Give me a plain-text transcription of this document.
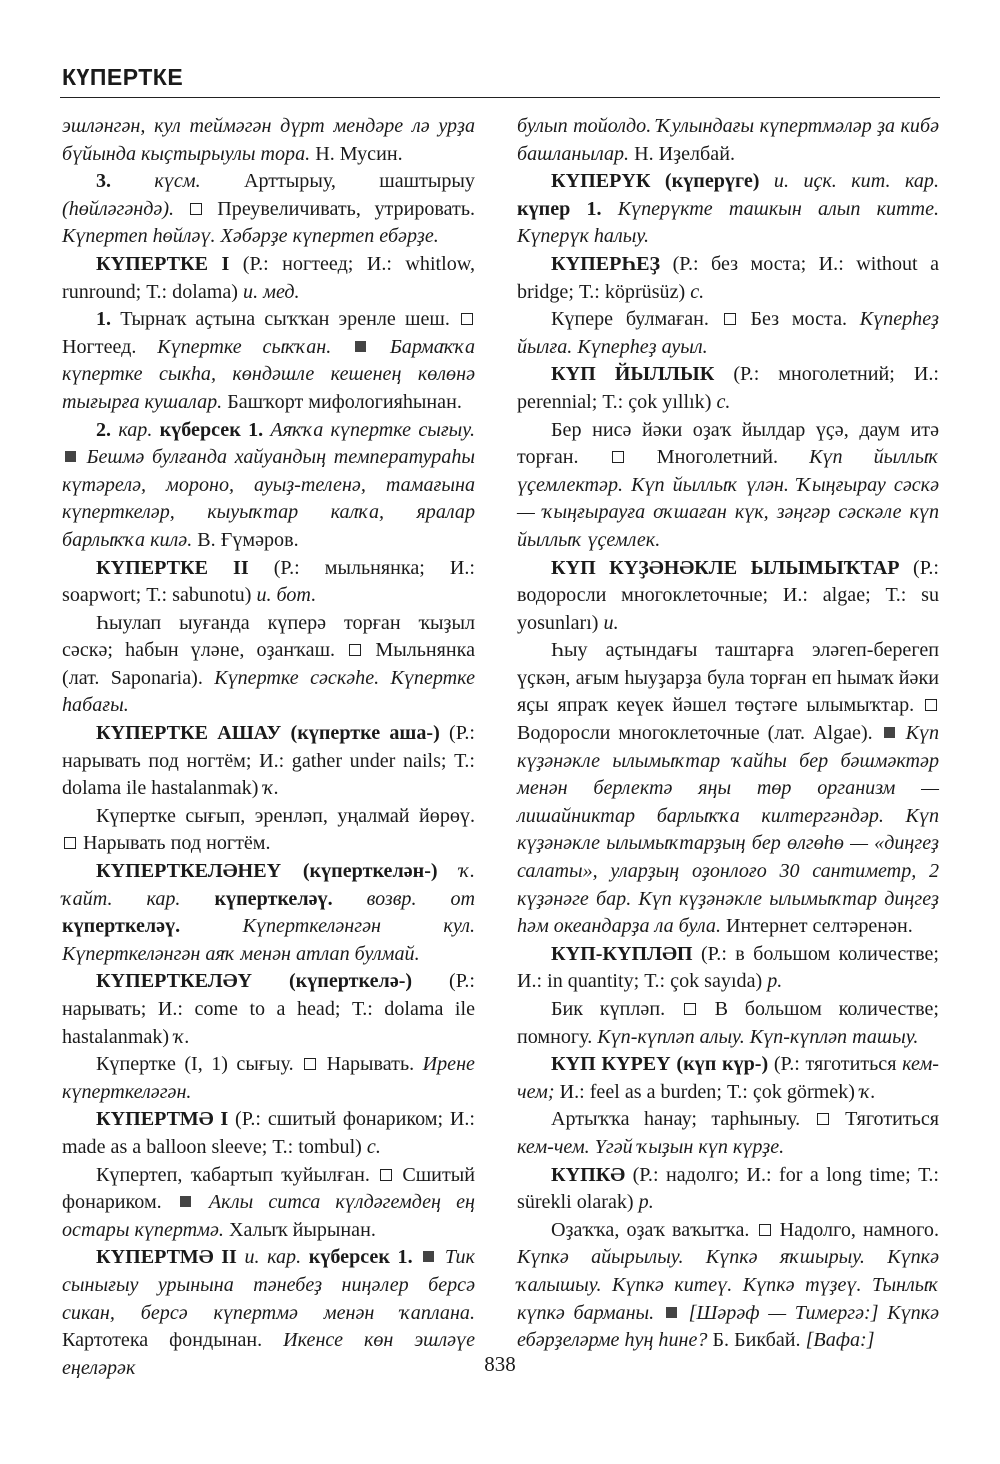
КҮПЕРТКЕ

эшләнгән, кул теймәгән дүрт мендәре лә урҙа бүйында кыҫтырыулы тора. Н. Мусин.

3. күсм. Арттырыу, шаштырыу (һөйләгәндә). Преувеличивать, утрировать. Күпертеп һөйләү. Хәбәрҙе күпертеп ебәрҙе.

КҮПЕРТКЕ I (Р.: ногтеед; И.: whitlow, runround; Т.: dolama) и. мед.

1. Тырнаҡ аҫтына сыҡҡан эренле шеш.  Ногтеед. Күпертке сыҡҡан.	Бармаҡҡа күпертке сыкһа, көндәшле кешенең көлөнә тығырға кушалар. Башҡорт мифологияһынан.

2. кар. күберсек 1. Аяҡҡа күпертке сығыу.  Бешмә булғанда хайуандың температураһы күтәрелә, мороно, ауыҙ-теленә, тамағына күперткеләр, кыуыҡтар калҡа, яралар барлыҡҡа килә. В. Ғүмәров.

КҮПЕРТКЕ II (Р.: мыльнянка; И.: soapwort; Т.: sabunotu) и. бот.

Һыулап ыуғанда күперә торған ҡыҙыл сәскә; һабын үләне, оҙанҡаш. Мыльнянка (лат. Saponaria). Күпертке сәскәһе. Күпертке һабағы.

КҮПЕРТКЕ АШАУ (күпертке аша-) (Р.: нарывать под ногтём; И.: gather under nails; Т.: dolama ile hastalanmak) ҡ.

Күпертке сығып, эренләп, уңалмай йөрөү.  Нарывать под ногтём.

КҮПЕРТКЕЛӘНЕҮ (күперткелән-) ҡ. ҡайт. кар. күперткеләү. возвр. от күперткеләү.	Күперткеләнгән кул. Күперткеләнгән аяҡ менән атлап булмай.

КҮПЕРТКЕЛӘҮ (күперткелә-) (Р.: нарывать; И.: come to a head; Т.: dolama ile hastalanmak) ҡ.

Күпертке (I, 1) сығыу. Нарывать. Ирене күперткеләгән.

КҮПЕРТМӘ I (Р.: сшитый фонариком; И.: made as a balloon sleeve; Т.: tombul) с.

Күпертеп, ҡабартып ҡуйылған. Сшитый фонариком. Аклы ситса күлдәгемдең ең остары күпертмә. Халыҡ йырынан.

КҮПЕРТМӘ II и. кар. күберсек 1. Тик сынығыу урынына тәнебеҙ ниңәлер берсә сикан, берсә күпертмә менән ҡаплана. Картотека фондынан. Икенсе көн эшләүе еңеләрәк

булып тойолдо. Ҡулындағы күпертмәләр ҙа кибә башланылар. Н. Иҙелбай.

КҮПЕРҮК (күперүге) и. иҫк. кит. кар. күпер 1. Күперүкте ташкын алып китте. Күперүк һалыу.

КҮПЕРҺЕҘ (Р.: без моста; И.: without a bridge; Т.: köprüsüz) с.

Күпере булмаған. Без моста. Күперһеҙ йылға. Күперһеҙ ауыл.

КҮП ЙЫЛЛЫК (Р.: многолетний; И.: perennial; Т.: çok yıllık) с.

Бер нисә йәки оҙаҡ йылдар үҫә, даум итә торған.	Многолетний. Күп йыллыҡ үҫемлектәр. Күп йыллыҡ үлән. Ҡыңғырау сәскә — ҡыңғырауға оҡшаған күк, зәңгәр сәскәле күп йыллыҡ үҫемлек.

КҮП КҮҘӘНӘКЛЕ ЫЛЫМЫҠТАР (Р.: водоросли многоклеточные; И.: algae; Т.: su yosunları) и.

Һыу аҫтындағы таштарға эләгеп-берегеп үҫкән, ағым һыуҙарҙа була торған еп һымаҡ йәки яҫы япраҡ кеүек йәшел төҫтәге ылымыҡтар.  Водоросли многоклеточные (лат. Algae). Күп күҙәнәкле ылымыҡтар ҡайһы бер бәшмәктәр менән берлектә яңы төр организм — лишайниктар барлыҡҡа килтергәндәр. Күп күҙәнәкле ылымыҡтарҙың бер өлгөһө — «диңгеҙ салаты», уларҙың оҙонлоғо 30 сантиметр, 2 күҙәнәге бар. Күп күҙәнәкле ылымыҡтар диңгеҙ һәм океандарҙа ла була. Интернет селтәренән.

КҮП-КҮПЛӘП (Р.: в большом количестве; И.: in quantity; Т.: çok sayıda) р.

Бик күпләп. В большом количестве; помногу. Күп-күпләп алыу. Күп-күпләп ташыу.

КҮП КҮРЕҮ (күп күр-) (Р.: тяготиться кем-чем; И.: feel as a burden; Т.: çok görmek) ҡ.

Артыҡҡа һанау; тарһыныу. Тяготиться кем-чем. Үгәй ҡыҙын күп күрҙе.

КҮПКӘ (Р.: надолго; И.: for a long time; Т.: sürekli olarak) р.

Оҙаҡҡа, оҙаҡ ваҡытҡа. Надолго, намного. Күпкә айырылыу. Күпкә яҡшырыу. Күпкә ҡалышыу. Күпкә китеү. Күпкә түҙеү. Тынлыҡ күпкә барманы. [Шәрәф — Тимергә:] Күпкә ебәрҙеләрме һуң һине? Б. Бикбай. [Вафа:]

838
